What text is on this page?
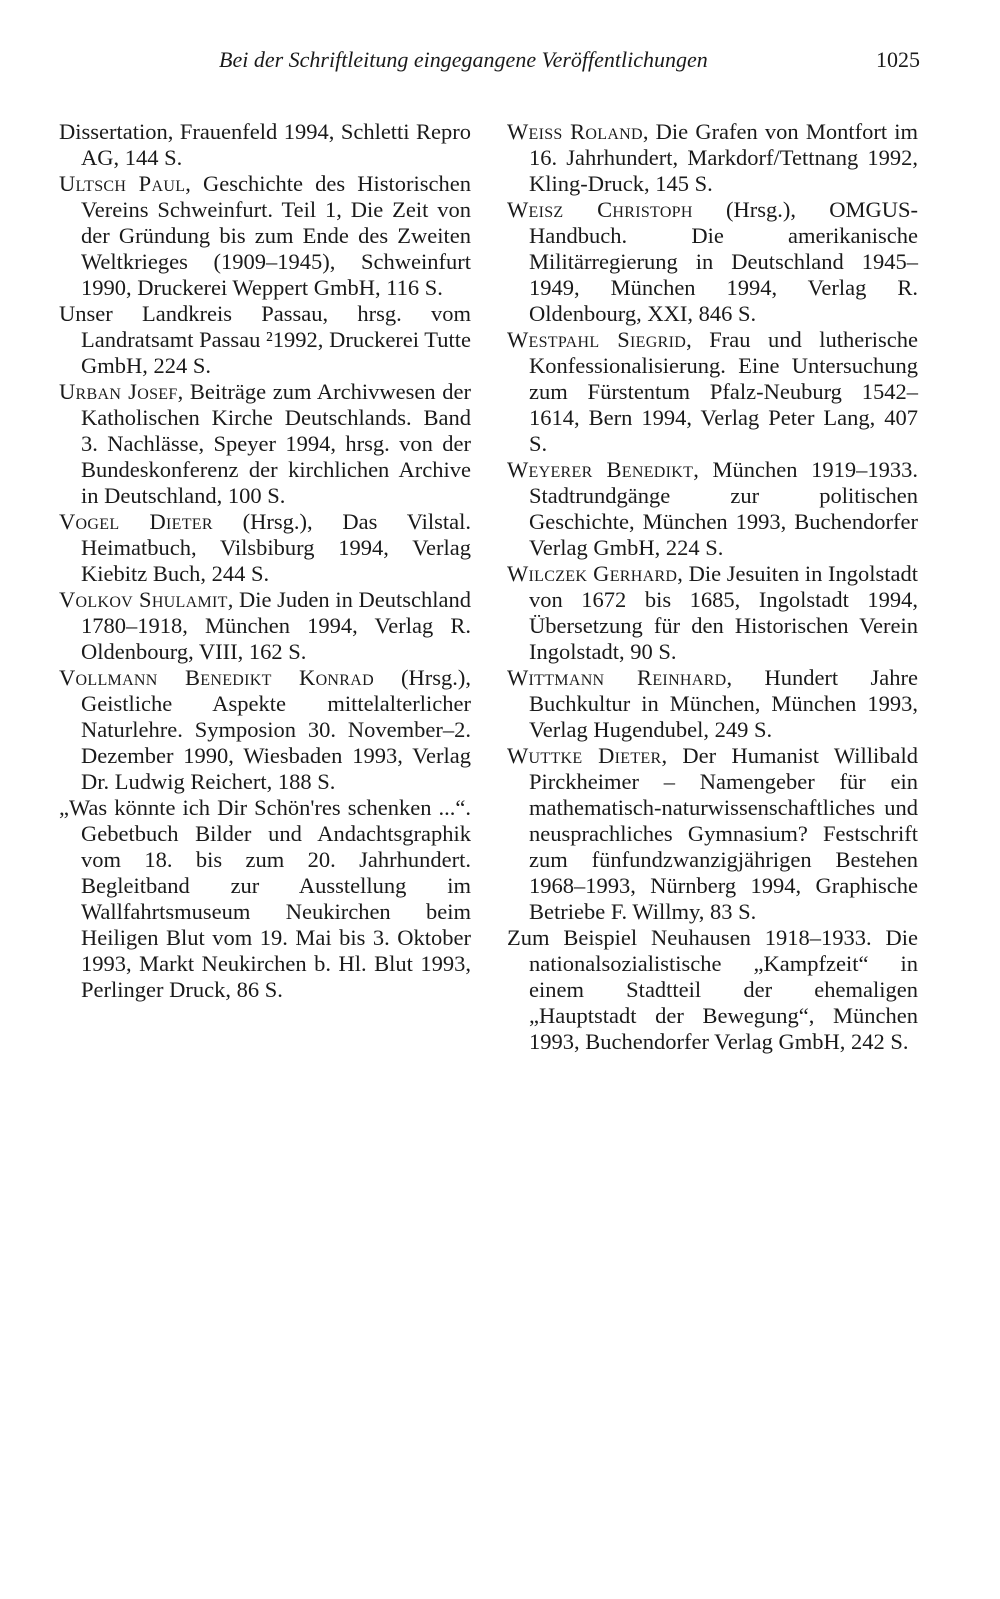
Bei der Schriftleitung eingegangene Veröffentlichungen	1025

Dissertation, Frauenfeld 1994, Schletti Repro AG, 144 S.

Ultsch Paul, Geschichte des Historischen Vereins Schweinfurt. Teil 1, Die Zeit von der Gründung bis zum Ende des Zweiten Weltkrieges (1909–1945), Schweinfurt 1990, Druckerei Weppert GmbH, 116 S.

Unser Landkreis Passau, hrsg. vom Landratsamt Passau ²1992, Druckerei Tutte GmbH, 224 S.

Urban Josef, Beiträge zum Archivwesen der Katholischen Kirche Deutschlands. Band 3. Nachlässe, Speyer 1994, hrsg. von der Bundeskonferenz der kirchlichen Archive in Deutschland, 100 S.

Vogel Dieter (Hrsg.), Das Vilstal. Heimatbuch, Vilsbiburg 1994, Verlag Kiebitz Buch, 244 S.

Volkov Shulamit, Die Juden in Deutschland 1780–1918, München 1994, Verlag R. Oldenbourg, VIII, 162 S.

Vollmann Benedikt Konrad (Hrsg.), Geistliche Aspekte mittelalterlicher Naturlehre. Symposion 30. November–2. Dezember 1990, Wiesbaden 1993, Verlag Dr. Ludwig Reichert, 188 S.

„Was könnte ich Dir Schön'res schenken ...“. Gebetbuch Bilder und Andachtsgraphik vom 18. bis zum 20. Jahrhundert. Begleitband zur Ausstellung im Wallfahrtsmuseum Neukirchen beim Heiligen Blut vom 19. Mai bis 3. Oktober 1993, Markt Neukirchen b. Hl. Blut 1993, Perlinger Druck, 86 S.

Weiss Roland, Die Grafen von Montfort im 16. Jahrhundert, Markdorf/Tettnang 1992, Kling-Druck, 145 S.

Weisz Christoph (Hrsg.), OMGUS-Handbuch. Die amerikanische Militärregierung in Deutschland 1945–1949, München 1994, Verlag R. Oldenbourg, XXI, 846 S.

Westpahl Siegrid, Frau und lutherische Konfessionalisierung. Eine Untersuchung zum Fürstentum Pfalz-Neuburg 1542–1614, Bern 1994, Verlag Peter Lang, 407 S.

Weyerer Benedikt, München 1919–1933. Stadtrundgänge zur politischen Geschichte, München 1993, Buchendorfer Verlag GmbH, 224 S.

Wilczek Gerhard, Die Jesuiten in Ingolstadt von 1672 bis 1685, Ingolstadt 1994, Übersetzung für den Historischen Verein Ingolstadt, 90 S.

Wittmann Reinhard, Hundert Jahre Buchkultur in München, München 1993, Verlag Hugendubel, 249 S.

Wuttke Dieter, Der Humanist Willibald Pirckheimer – Namengeber für ein mathematisch-naturwissenschaftliches und neusprachliches Gymnasium? Festschrift zum fünfundzwanzigjährigen Bestehen 1968–1993, Nürnberg 1994, Graphische Betriebe F. Willmy, 83 S.

Zum Beispiel Neuhausen 1918–1933. Die nationalsozialistische „Kampfzeit“ in einem Stadtteil der ehemaligen „Hauptstadt der Bewegung“, München 1993, Buchendorfer Verlag GmbH, 242 S.
